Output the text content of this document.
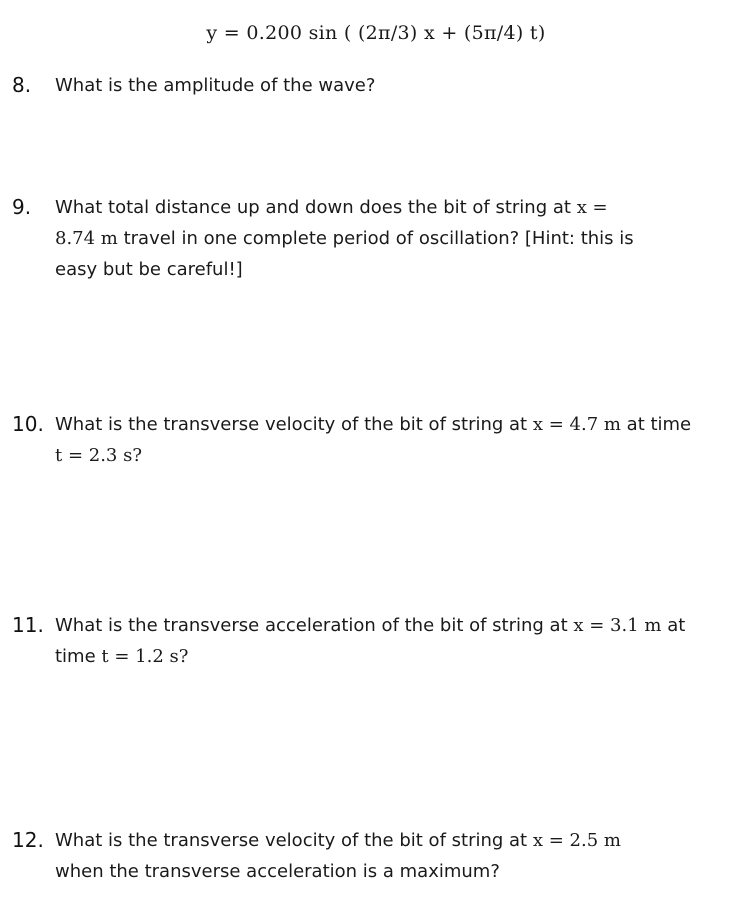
y = 0.200 sin ( (2π/3) x + (5π/4) t)
8. What is the amplitude of the wave?
9. What total distance up and down does the bit of string at x =
8.74 m travel in one complete period of oscillation? [Hint: this is
easy but be careful!]
10. What is the transverse velocity of the bit of string at x = 4.7 m at time
t = 2.3 s?
11. What is the transverse acceleration of the bit of string at x = 3.1 m at
time t = 1.2 s?
12. What is the transverse velocity of the bit of string at x = 2.5 m
when the transverse acceleration is a maximum?
